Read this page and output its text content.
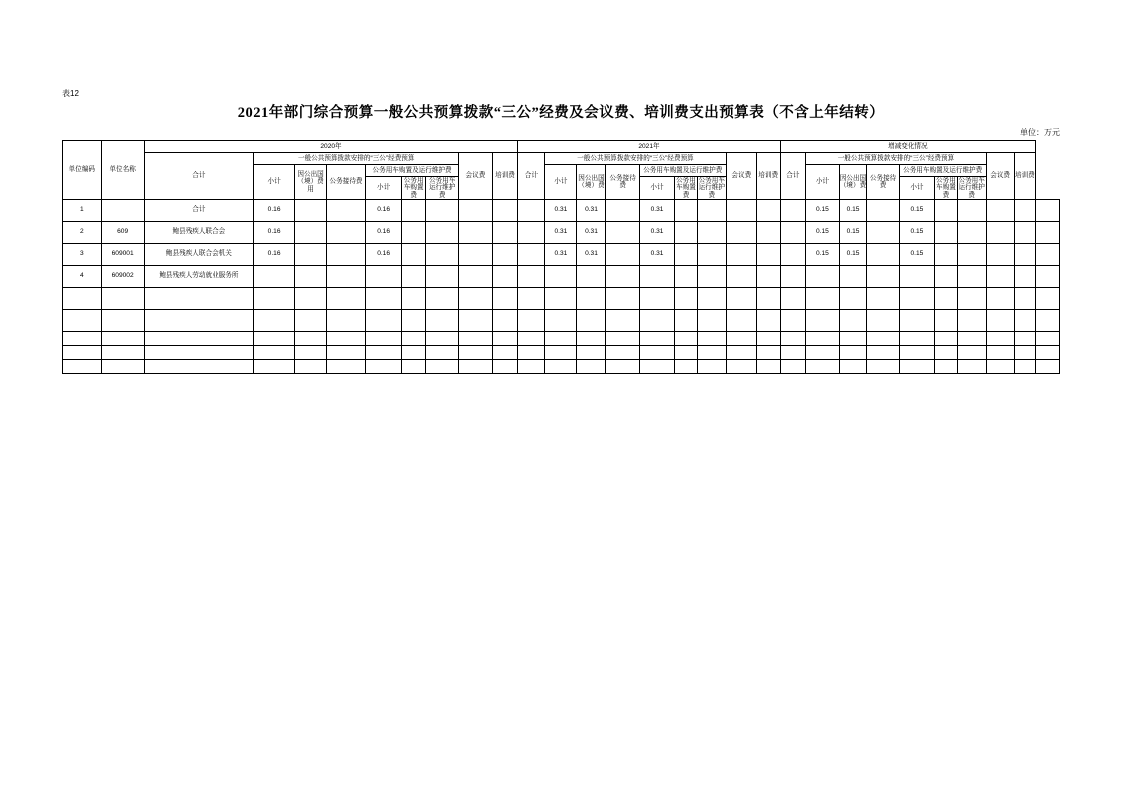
表12
2021年部门综合预算一般公共预算拨款“三公”经费及会议费、培训费支出预算表（不含上年结转）
单位：万元
单位编码	单位名称	2020年									2021年									增减变化情况									
		合计	一般公共预算拨款安排的“三公”经费预算						会议费	培训费	合计	一般公共预算拨款安排的“三公”经费预算						会议费	培训费	合计	一般公共预算拨款安排的“三公”经费预算						会议费	培训费	
			小计	因公出国（境）费用	公务接待费	公务用车购置及运行维护费						小计	因公出国（境）费	公务接待费	公务用车购置及运行维护费						小计	因公出国（境）费	公务接待费	公务用车购置及运行维护费					
						小计	公务用车购置费	公务用车运行维护费							小计	公务用车购置费	公务用车运行维护费							小计	公务用车购置费	公务用车运行维护费			
1		合计	0.16			0.16						0.31	0.31		0.31						0.15	0.15		0.15					
2	609	鲍县残疾人联合会	0.16			0.16						0.31	0.31		0.31						0.15	0.15		0.15					
3	609001	鲍县残疾人联合会机关	0.16			0.16						0.31	0.31		0.31						0.15	0.15		0.15					
4	609002	鲍县残疾人劳动就业服务所																											
